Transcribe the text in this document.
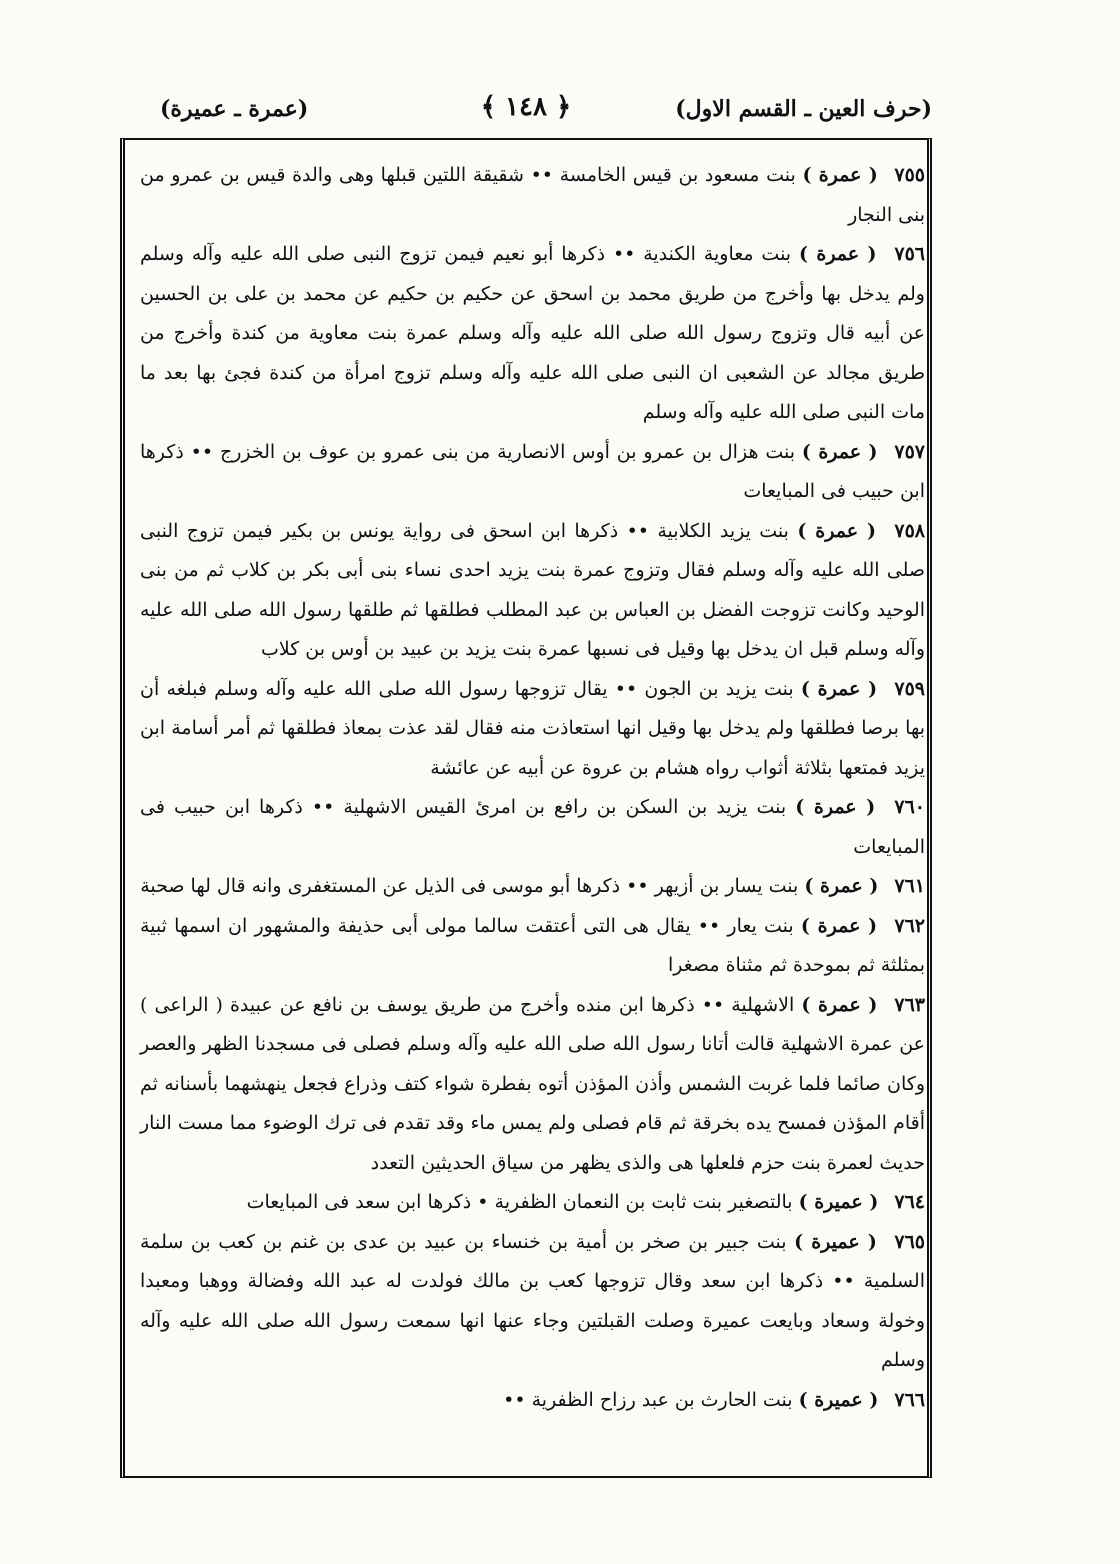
(حرف العين ـ القسم الاول)
﴿ ١٤٨ ﴾
(عمرة ـ عميرة)

٧٥٥ ( عمرة ) بنت مسعود بن قيس الخامسة •• شقيقة اللتين قبلها وهى والدة قيس بن عمرو من بنى النجار

٧٥٦ ( عمرة ) بنت معاوية الكندية •• ذكرها أبو نعيم فيمن تزوج النبى صلى الله عليه وآله وسلم ولم يدخل بها وأخرج من طريق محمد بن اسحق عن حكيم بن حكيم عن محمد بن على بن الحسين عن أبيه قال وتزوج رسول الله صلى الله عليه وآله وسلم عمرة بنت معاوية من كندة وأخرج من طريق مجالد عن الشعبى ان النبى صلى الله عليه وآله وسلم تزوج امرأة من كندة فجئ بها بعد ما مات النبى صلى الله عليه وآله وسلم

٧٥٧ ( عمرة ) بنت هزال بن عمرو بن أوس الانصارية من بنى عمرو بن عوف بن الخزرج •• ذكرها ابن حبيب فى المبايعات

٧٥٨ ( عمرة ) بنت يزيد الكلابية •• ذكرها ابن اسحق فى رواية يونس بن بكير فيمن تزوج النبى صلى الله عليه وآله وسلم فقال وتزوج عمرة بنت يزيد احدى نساء بنى أبى بكر بن كلاب ثم من بنى الوحيد وكانت تزوجت الفضل بن العباس بن عبد المطلب فطلقها ثم طلقها رسول الله صلى الله عليه وآله وسلم قبل ان يدخل بها وقيل فى نسبها عمرة بنت يزيد بن عبيد بن أوس بن كلاب

٧٥٩ ( عمرة ) بنت يزيد بن الجون •• يقال تزوجها رسول الله صلى الله عليه وآله وسلم فبلغه أن بها برصا فطلقها ولم يدخل بها وقيل انها استعاذت منه فقال لقد عذت بمعاذ فطلقها ثم أمر أسامة ابن يزيد فمتعها بثلاثة أثواب رواه هشام بن عروة عن أبيه عن عائشة

٧٦٠ ( عمرة ) بنت يزيد بن السكن بن رافع بن امرئ القيس الاشهلية •• ذكرها ابن حبيب فى المبايعات

٧٦١ ( عمرة ) بنت يسار بن أزيهر •• ذكرها أبو موسى فى الذيل عن المستغفرى وانه قال لها صحبة

٧٦٢ ( عمرة ) بنت يعار •• يقال هى التى أعتقت سالما مولى أبى حذيفة والمشهور ان اسمها ثبية بمثلثة ثم بموحدة ثم مثناة مصغرا

٧٦٣ ( عمرة ) الاشهلية •• ذكرها ابن منده وأخرج من طريق يوسف بن نافع عن عبيدة ( الراعى ) عن عمرة الاشهلية قالت أتانا رسول الله صلى الله عليه وآله وسلم فصلى فى مسجدنا الظهر والعصر وكان صائما فلما غربت الشمس وأذن المؤذن أتوه بفطرة شواء كتف وذراع فجعل ينهشهما بأسنانه ثم أقام المؤذن فمسح يده بخرقة ثم قام فصلى ولم يمس ماء وقد تقدم فى ترك الوضوء مما مست النار حديث لعمرة بنت حزم فلعلها هى والذى يظهر من سياق الحديثين التعدد

٧٦٤ ( عميرة ) بالتصغير بنت ثابت بن النعمان الظفرية • ذكرها ابن سعد فى المبايعات

٧٦٥ ( عميرة ) بنت جبير بن صخر بن أمية بن خنساء بن عبيد بن عدى بن غنم بن كعب بن سلمة السلمية •• ذكرها ابن سعد وقال تزوجها كعب بن مالك فولدت له عبد الله وفضالة ووهبا ومعبدا وخولة وسعاد وبايعت عميرة وصلت القبلتين وجاء عنها انها سمعت رسول الله صلى الله عليه وآله وسلم

٧٦٦ ( عميرة ) بنت الحارث بن عبد رزاح الظفرية ••
